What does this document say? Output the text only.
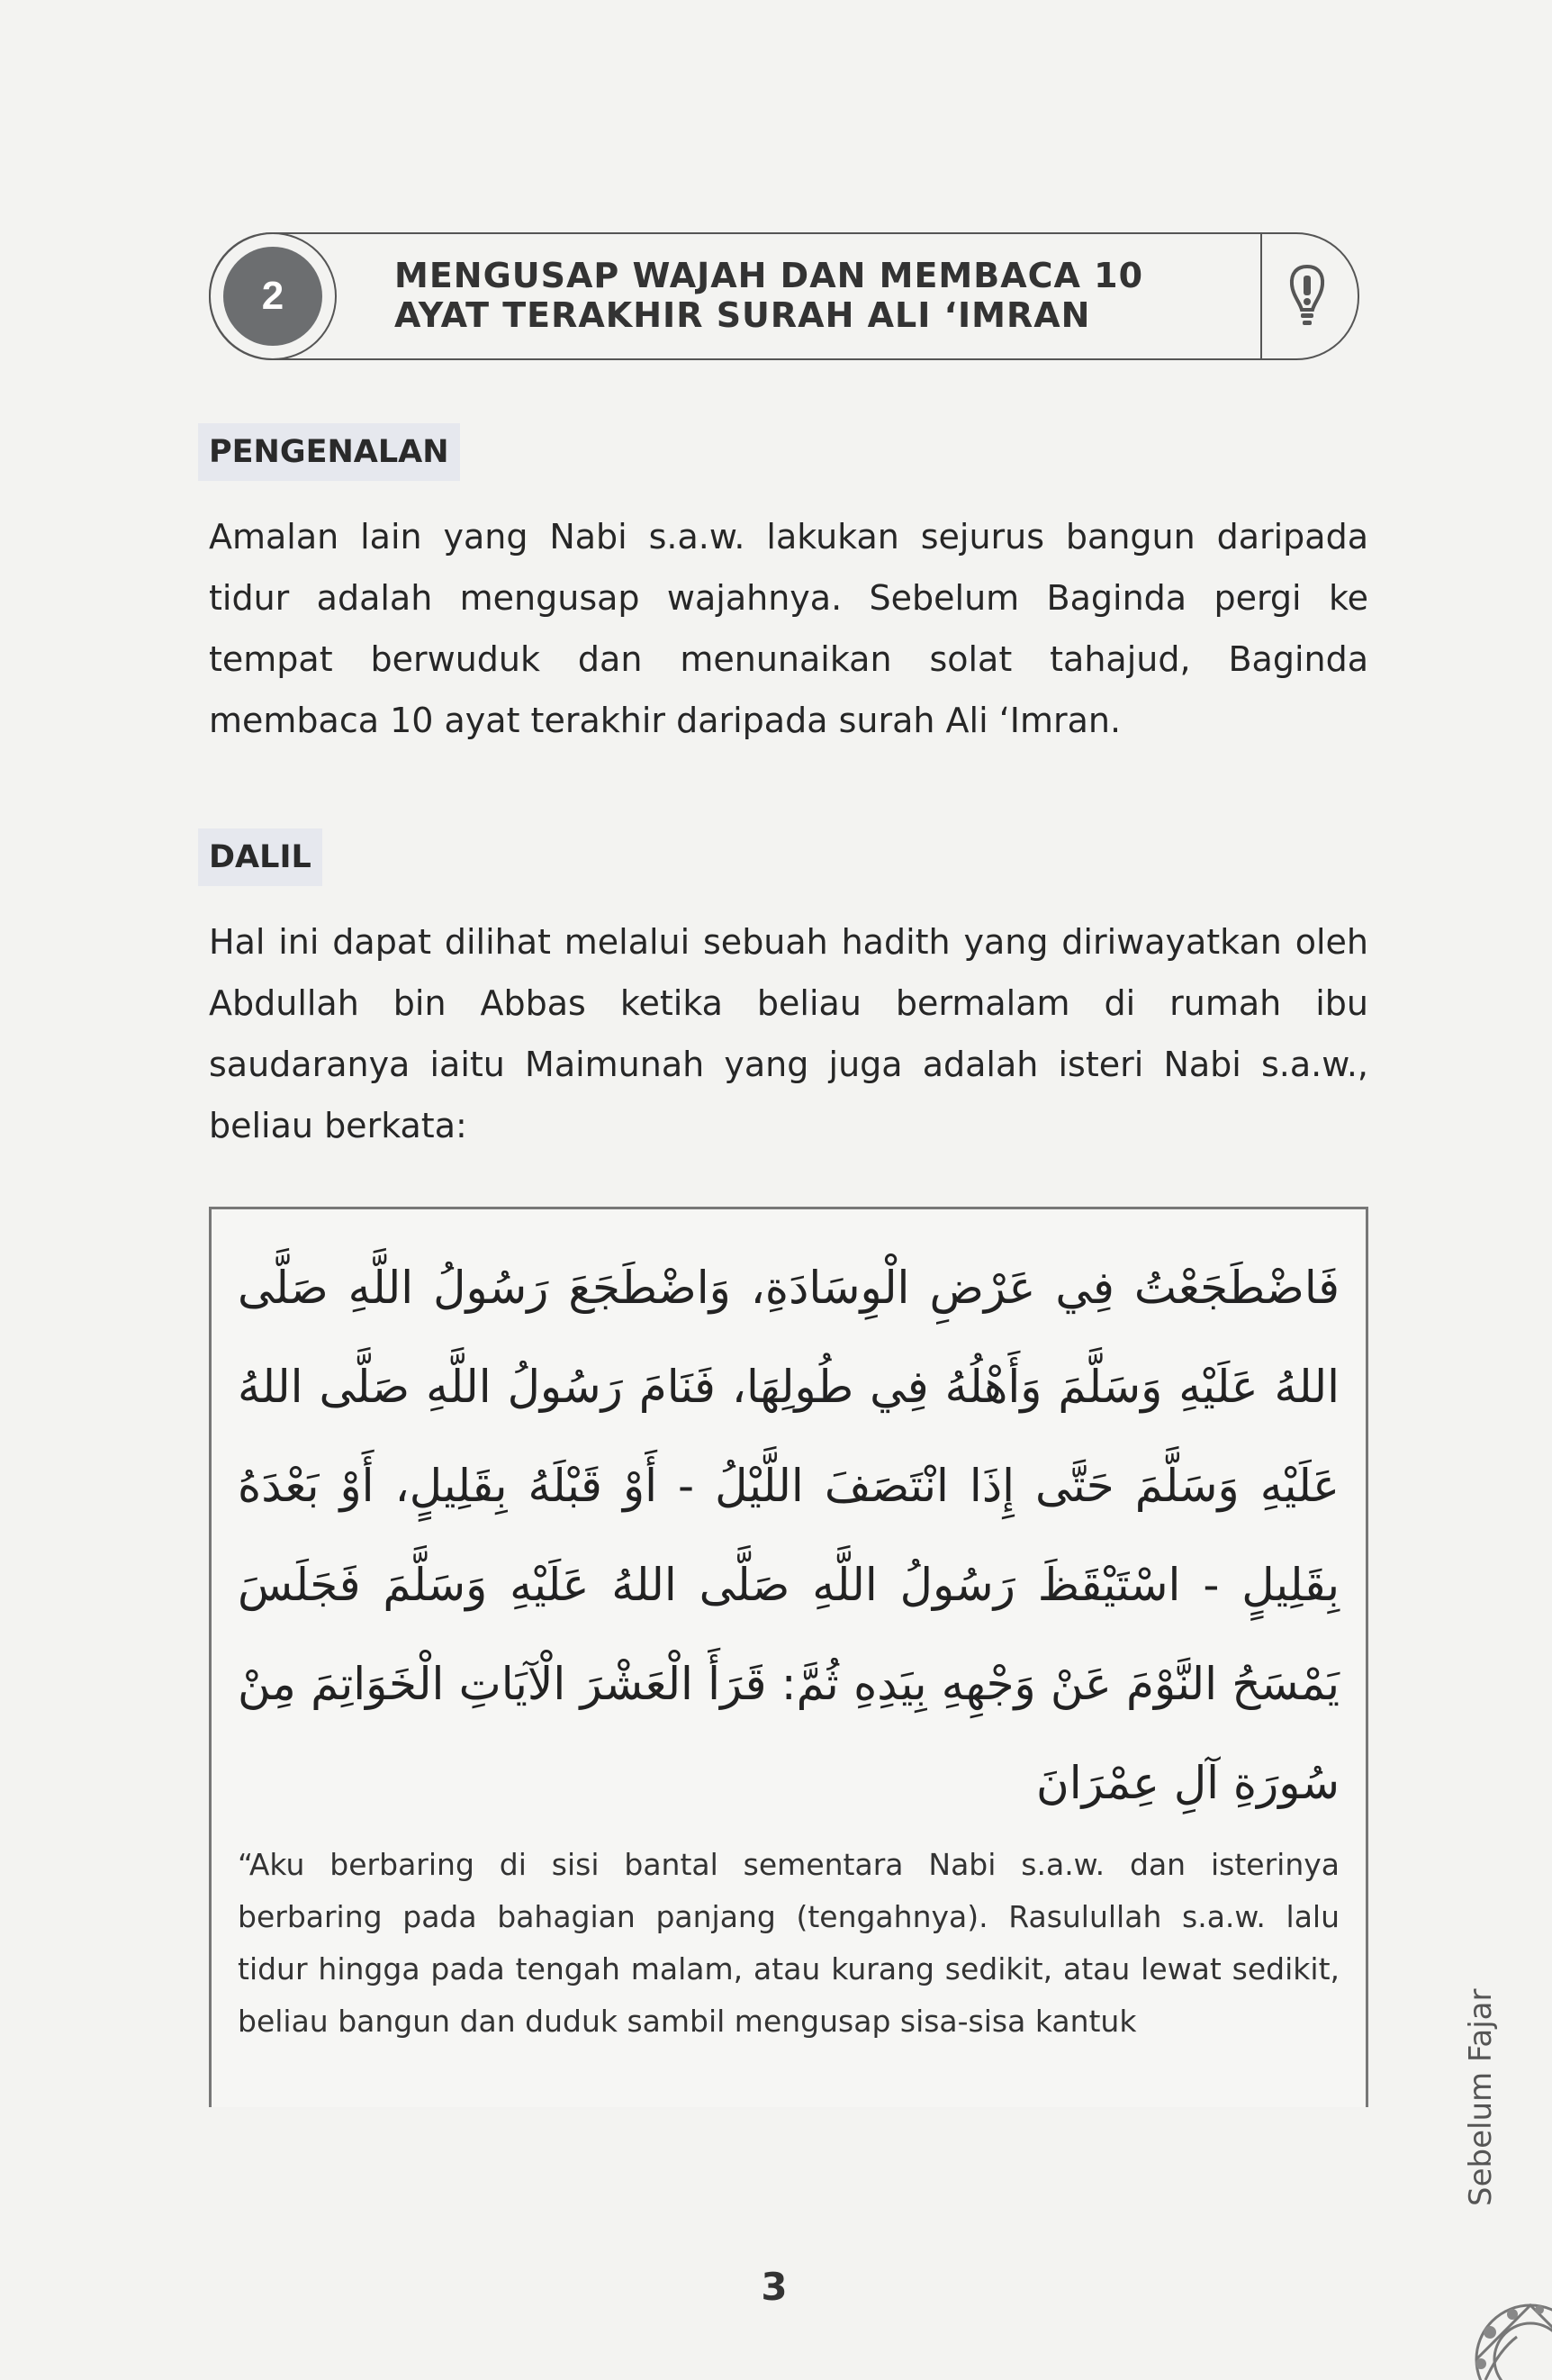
2	MENGUSAP WAJAH DAN MEMBACA 10
AYAT TERAKHIR SURAH ALI ‘IMRAN
PENGENALAN
Amalan lain yang Nabi s.a.w. lakukan sejurus bangun daripada tidur adalah mengusap wajahnya. Sebelum Baginda pergi ke tempat berwuduk dan menunaikan solat tahajud, Baginda membaca 10 ayat terakhir daripada surah Ali ‘Imran.
DALIL
Hal ini dapat dilihat melalui sebuah hadith yang diriwayatkan oleh Abdullah bin Abbas ketika beliau bermalam di rumah ibu saudaranya iaitu Maimunah yang juga adalah isteri Nabi s.a.w., beliau berkata:
فَاضْطَجَعْتُ فِي عَرْضِ الْوِسَادَةِ، وَاضْطَجَعَ رَسُولُ اللَّهِ صَلَّى اللهُ عَلَيْهِ وَسَلَّمَ وَأَهْلُهُ فِي طُولِهَا، فَنَامَ رَسُولُ اللَّهِ صَلَّى اللهُ عَلَيْهِ وَسَلَّمَ حَتَّى إِذَا انْتَصَفَ اللَّيْلُ - أَوْ قَبْلَهُ بِقَلِيلٍ، أَوْ بَعْدَهُ بِقَلِيلٍ - اسْتَيْقَظَ رَسُولُ اللَّهِ صَلَّى اللهُ عَلَيْهِ وَسَلَّمَ فَجَلَسَ يَمْسَحُ النَّوْمَ عَنْ وَجْهِهِ بِيَدِهِ ثُمَّ: قَرَأَ الْعَشْرَ الْآيَاتِ الْخَوَاتِمَ مِنْ سُورَةِ آلِ عِمْرَانَ
“Aku berbaring di sisi bantal sementara Nabi s.a.w. dan isterinya berbaring pada bahagian panjang (tengahnya). Rasulullah s.a.w. lalu tidur hingga pada tengah malam, atau kurang sedikit, atau lewat sedikit, beliau bangun dan duduk sambil mengusap sisa-sisa kantuk	Sebelum Fajar
3
